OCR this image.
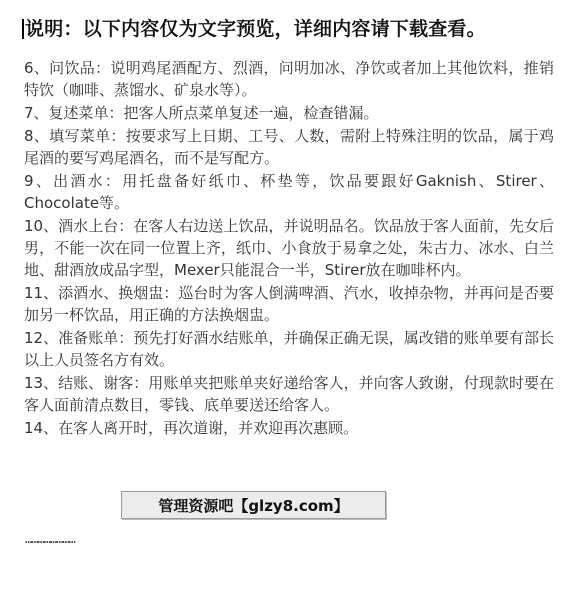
说明：以下内容仅为文字预览，详细内容请下载查看。

6、问饮品：说明鸡尾酒配方、烈酒，问明加冰、净饮或者加上其他饮料，推销特饮（咖啡、蒸馏水、矿泉水等）。

7、复述菜单：把客人所点菜单复述一遍，检查错漏。

8、填写菜单：按要求写上日期、工号、人数，需附上特殊注明的饮品，属于鸡尾酒的要写鸡尾酒名，而不是写配方。

9、出酒水：用托盘备好纸巾、杯垫等，饮品要跟好Gaknish、Stirer、Chocolate等。

10、酒水上台：在客人右边送上饮品，并说明品名。饮品放于客人面前，先女后男，不能一次在同一位置上齐，纸巾、小食放于易拿之处，朱古力、冰水、白兰地、甜酒放成品字型，Mexer只能混合一半，Stirer放在咖啡杯内。

11、添酒水、换烟盅：巡台时为客人倒满啤酒、汽水，收掉杂物，并再问是否要加另一杯饮品，用正确的方法换烟盅。

12、准备账单：预先打好酒水结账单，并确保正确无误，属改错的账单要有部长以上人员签名方有效。

13、结账、谢客：用账单夹把账单夹好递给客人，并向客人致谢，付现款时要在客人面前清点数目，零钱、底单要送还给客人。

14、在客人离开时，再次道谢，并欢迎再次惠顾。

……………………
管理资源吧【glzy8.com】
